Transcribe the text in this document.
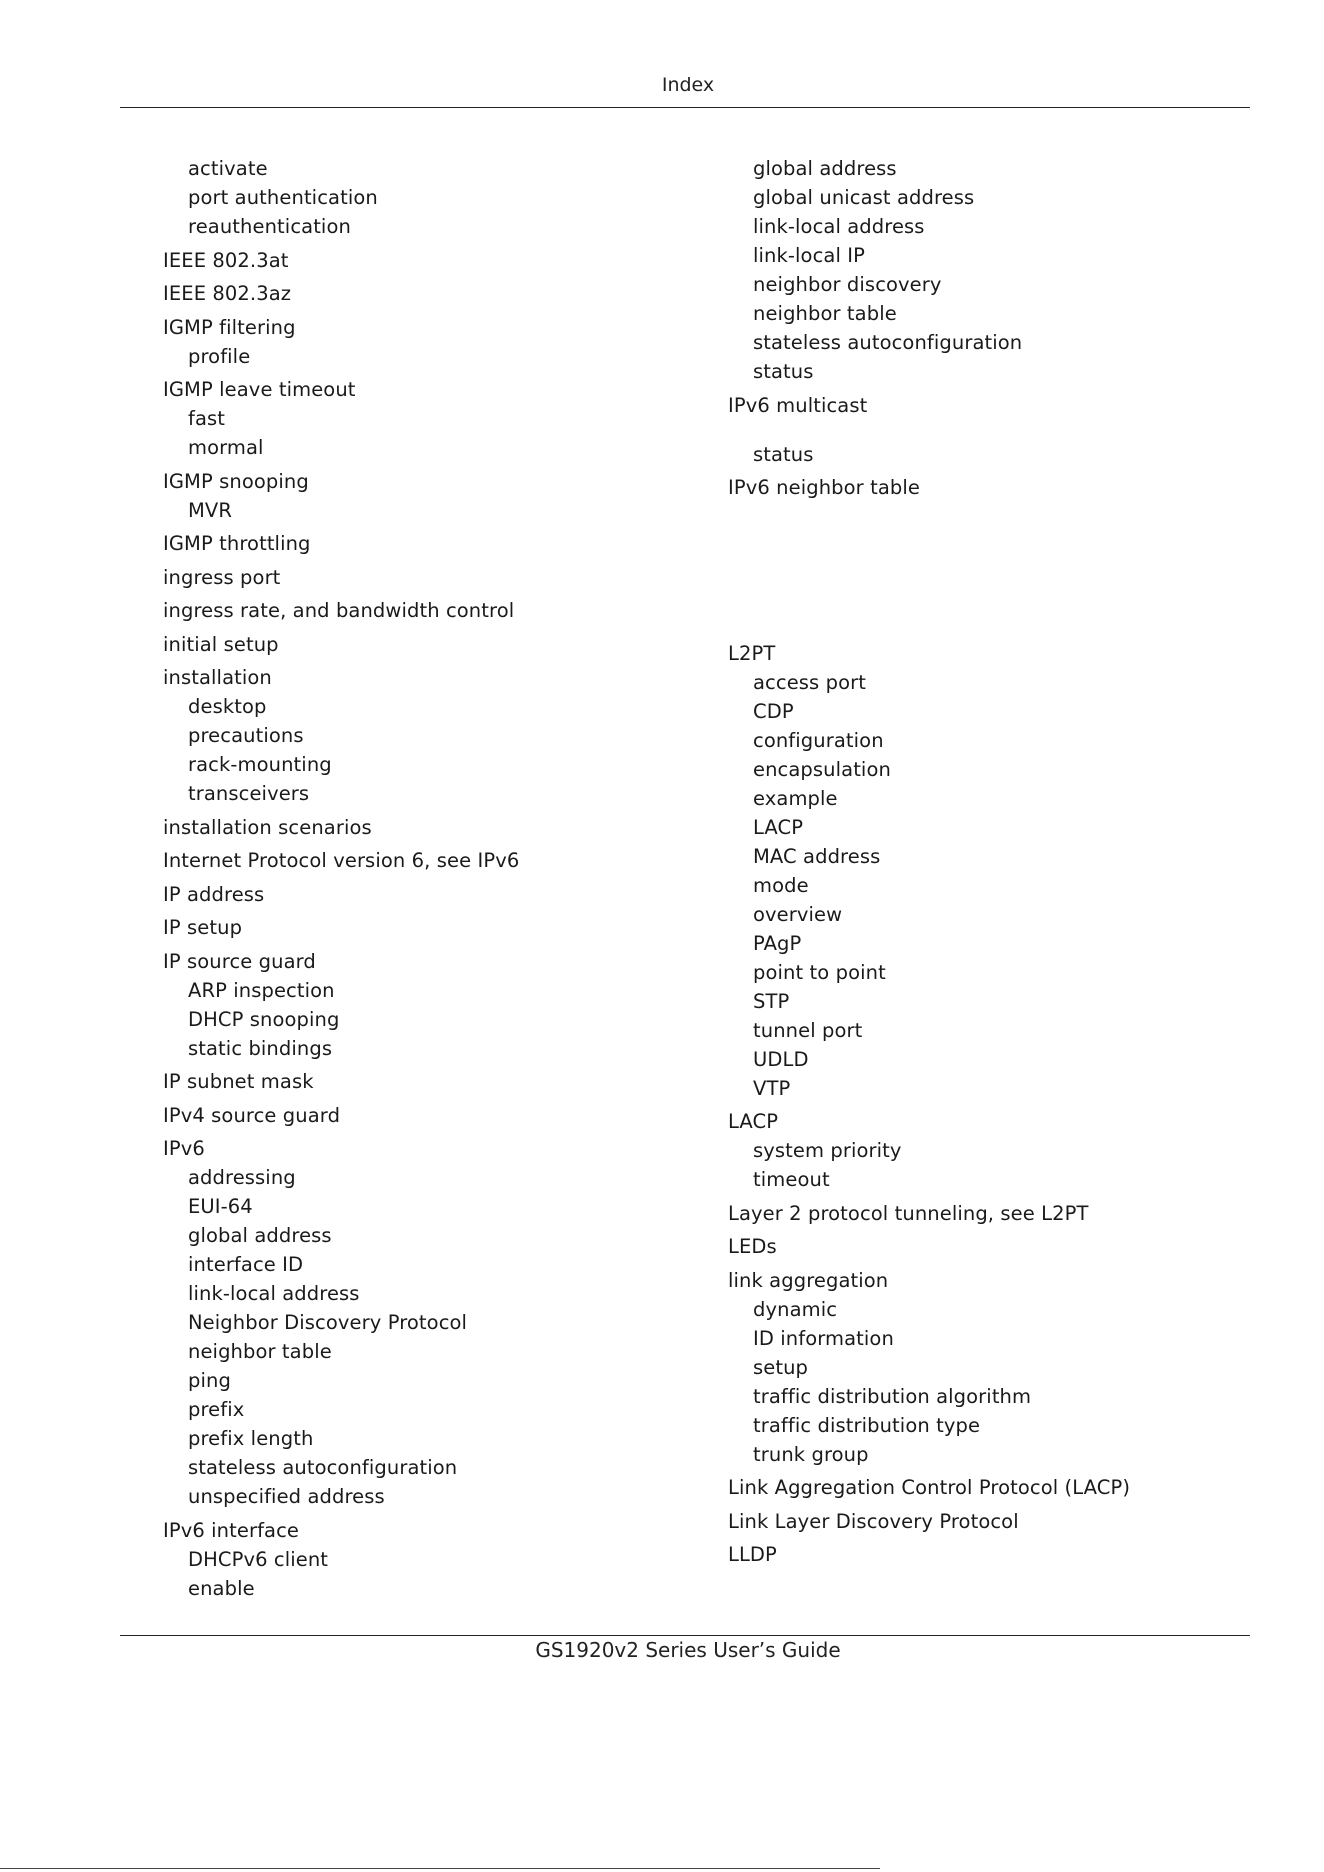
Index
activate
port authentication
reauthentication
IEEE 802.3at
IEEE 802.3az
IGMP filtering
profile
IGMP leave timeout
fast
mormal
IGMP snooping
MVR
IGMP throttling
ingress port
ingress rate, and bandwidth control
initial setup
installation
desktop
precautions
rack-mounting
transceivers
installation scenarios
Internet Protocol version 6, see IPv6
IP address
IP setup
IP source guard
ARP inspection
DHCP snooping
static bindings
IP subnet mask
IPv4 source guard
IPv6
addressing
EUI-64
global address
interface ID
link-local address
Neighbor Discovery Protocol
neighbor table
ping
prefix
prefix length
stateless autoconfiguration
unspecified address
IPv6 interface
DHCPv6 client
enable
global address
global unicast address
link-local address
link-local IP
neighbor discovery
neighbor table
stateless autoconfiguration
status
IPv6 multicast
status
IPv6 neighbor table
L2PT
access port
CDP
configuration
encapsulation
example
LACP
MAC address
mode
overview
PAgP
point to point
STP
tunnel port
UDLD
VTP
LACP
system priority
timeout
Layer 2 protocol tunneling, see L2PT
LEDs
link aggregation
dynamic
ID information
setup
traffic distribution algorithm
traffic distribution type
trunk group
Link Aggregation Control Protocol (LACP)
Link Layer Discovery Protocol
LLDP
GS1920v2 Series User’s Guide
